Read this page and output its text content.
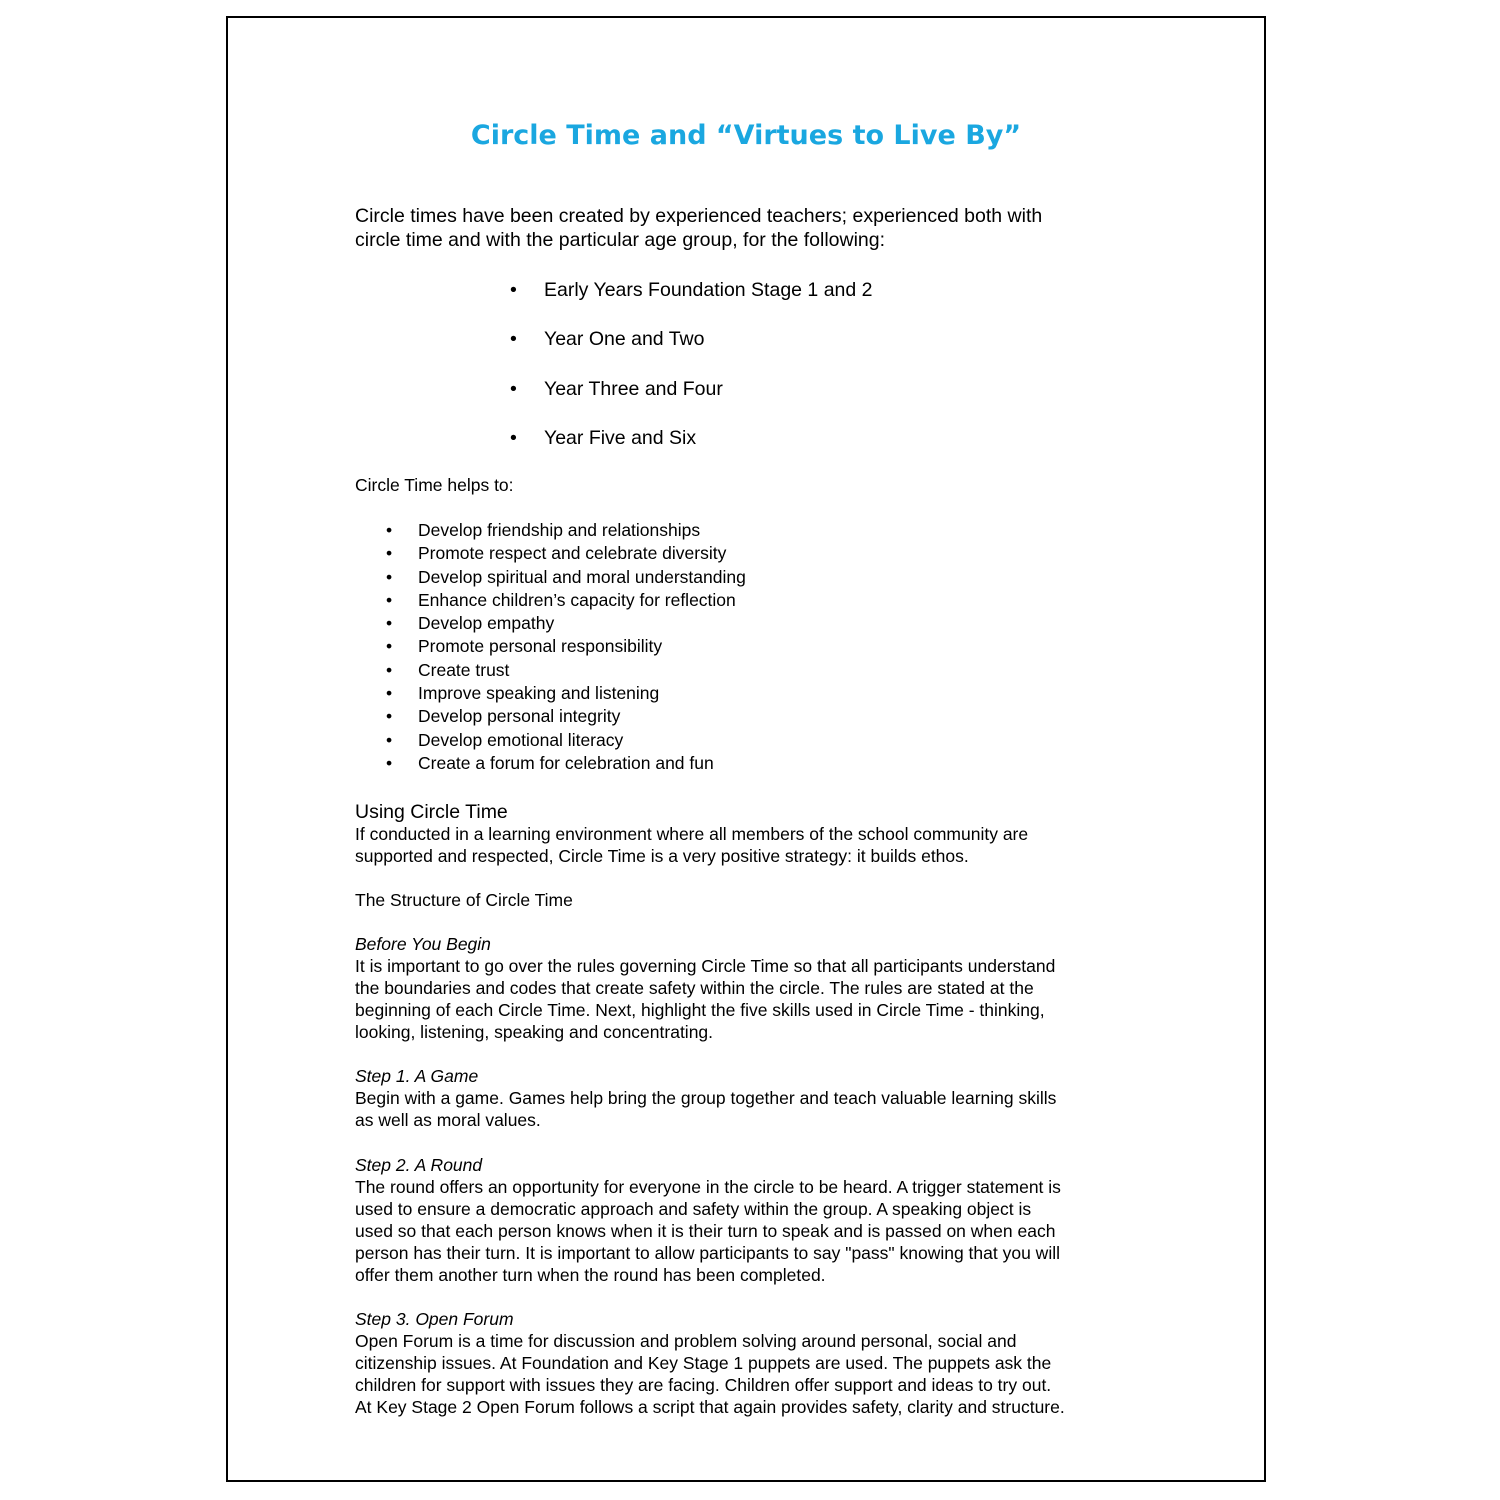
Circle Time and “Virtues to Live By”
Circle times have been created by experienced teachers; experienced both with
circle time and with the particular age group, for the following:
• Early Years Foundation Stage 1 and 2
• Year One and Two
• Year Three and Four
• Year Five and Six
Circle Time helps to:
• Develop friendship and relationships
• Promote respect and celebrate diversity
• Develop spiritual and moral understanding
• Enhance children’s capacity for reflection
• Develop empathy
• Promote personal responsibility
• Create trust
• Improve speaking and listening
• Develop personal integrity
• Develop emotional literacy
• Create a forum for celebration and fun
Using Circle Time
If conducted in a learning environment where all members of the school community are
supported and respected, Circle Time is a very positive strategy: it builds ethos.
The Structure of Circle Time
Before You Begin
It is important to go over the rules governing Circle Time so that all participants understand
the boundaries and codes that create safety within the circle. The rules are stated at the
beginning of each Circle Time. Next, highlight the five skills used in Circle Time - thinking,
looking, listening, speaking and concentrating.
Step 1. A Game
Begin with a game. Games help bring the group together and teach valuable learning skills
as well as moral values.
Step 2. A Round
The round offers an opportunity for everyone in the circle to be heard. A trigger statement is
used to ensure a democratic approach and safety within the group. A speaking object is
used so that each person knows when it is their turn to speak and is passed on when each
person has their turn. It is important to allow participants to say "pass" knowing that you will
offer them another turn when the round has been completed.
Step 3. Open Forum
Open Forum is a time for discussion and problem solving around personal, social and
citizenship issues. At Foundation and Key Stage 1 puppets are used. The puppets ask the
children for support with issues they are facing. Children offer support and ideas to try out.
At Key Stage 2 Open Forum follows a script that again provides safety, clarity and structure.
